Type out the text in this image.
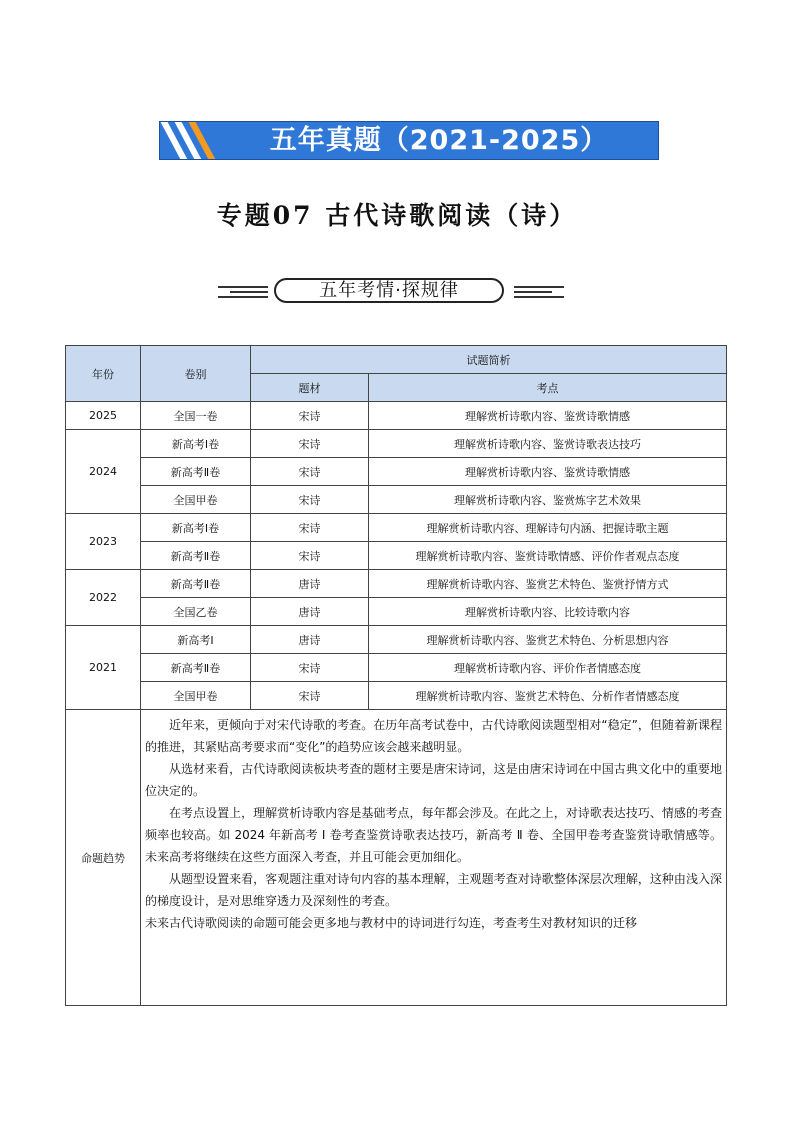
五年真题（2021-2025）
专题07 古代诗歌阅读（诗）
五年考情·探规律
年份	卷别	试题简析	
		题材	考点
2025	全国一卷	宋诗	理解赏析诗歌内容、鉴赏诗歌情感
2024	新高考Ⅰ卷	宋诗	理解赏析诗歌内容、鉴赏诗歌表达技巧
	新高考Ⅱ卷	宋诗	理解赏析诗歌内容、鉴赏诗歌情感
	全国甲卷	宋诗	理解赏析诗歌内容、鉴赏炼字艺术效果
2023	新高考Ⅰ卷	宋诗	理解赏析诗歌内容、理解诗句内涵、把握诗歌主题
	新高考Ⅱ卷	宋诗	理解赏析诗歌内容、鉴赏诗歌情感、评价作者观点态度
2022	新高考Ⅱ卷	唐诗	理解赏析诗歌内容、鉴赏艺术特色、鉴赏抒情方式
	全国乙卷	唐诗	理解赏析诗歌内容、比较诗歌内容
2021	新高考Ⅰ	唐诗	理解赏析诗歌内容、鉴赏艺术特色、分析思想内容
	新高考Ⅱ卷	宋诗	理解赏析诗歌内容、评价作者情感态度
	全国甲卷	宋诗	理解赏析诗歌内容、鉴赏艺术特色、分析作者情感态度
命题趋势	近年来，更倾向于对宋代诗歌的考查。在历年高考试卷中，古代诗歌阅读题型相对“稳定”，但随着新课程的推进，其紧贴高考要求而“变化”的趋势应该会越来越明显。

从选材来看，古代诗歌阅读板块考查的题材主要是唐宋诗词，这是由唐宋诗词在中国古典文化中的重要地位决定的。

在考点设置上，理解赏析诗歌内容是基础考点，每年都会涉及。在此之上，对诗歌表达技巧、情感的考查频率也较高。如 2024 年新高考 Ⅰ 卷考查鉴赏诗歌表达技巧，新高考 Ⅱ 卷、全国甲卷考查鉴赏诗歌情感等。未来高考将继续在这些方面深入考查，并且可能会更加细化。

从题型设置来看，客观题注重对诗句内容的基本理解，主观题考查对诗歌整体深层次理解，这种由浅入深的梯度设计，是对思维穿透力及深刻性的考查。

未来古代诗歌阅读的命题可能会更多地与教材中的诗词进行勾连，考查考生对教材知识的迁移		
